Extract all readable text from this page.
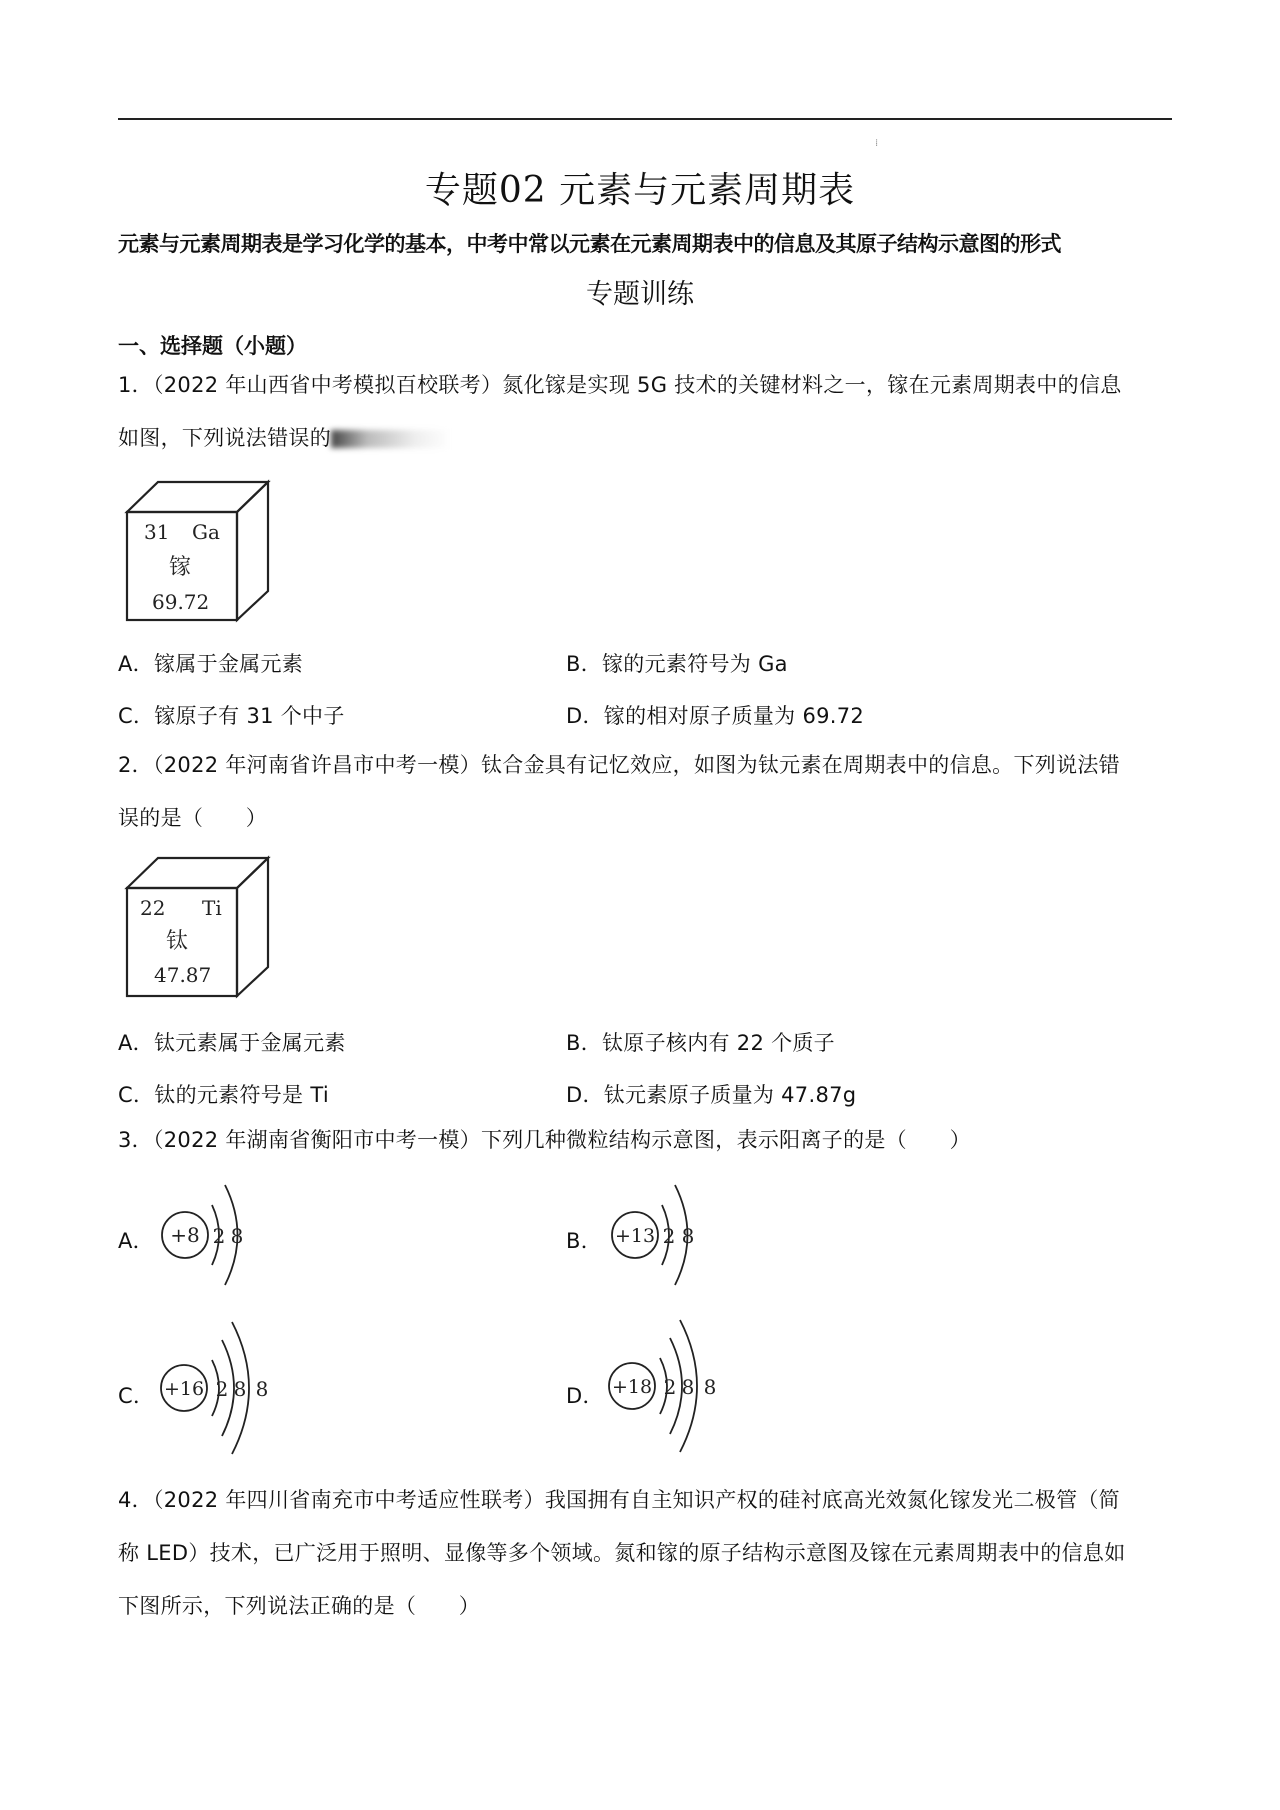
⁞
专题02 元素与元素周期表
元素与元素周期表是学习化学的基本，中考中常以元素在元素周期表中的信息及其原子结构示意图的形式
专题训练
一、选择题（小题）
1．（2022 年山西省中考模拟百校联考）氮化镓是实现 5G 技术的关键材料之一，镓在元素周期表中的信息
如图，下列说法错误的
31 Ga
镓
69.72
A．镓属于金属元素	B．镓的元素符号为 Ga
C．镓原子有 31 个中子	D．镓的相对原子质量为 69.72
2．（2022 年河南省许昌市中考一模）钛合金具有记忆效应，如图为钛元素在周期表中的信息。下列说法错
误的是（　　）
22 Ti
钛
47.87
A．钛元素属于金属元素	B．钛原子核内有 22 个质子
C．钛的元素符号是 Ti	D．钛元素原子质量为 47.87g
3．（2022 年湖南省衡阳市中考一模）下列几种微粒结构示意图，表示阳离子的是（　　）
A． +8 2 8	B． +13 2 8
C． +16 2 8 8	D． +18 2 8 8
4．（2022 年四川省南充市中考适应性联考）我国拥有自主知识产权的硅衬底高光效氮化镓发光二极管（简
称 LED）技术，已广泛用于照明、显像等多个领域。氮和镓的原子结构示意图及镓在元素周期表中的信息如
下图所示，下列说法正确的是（　　）
